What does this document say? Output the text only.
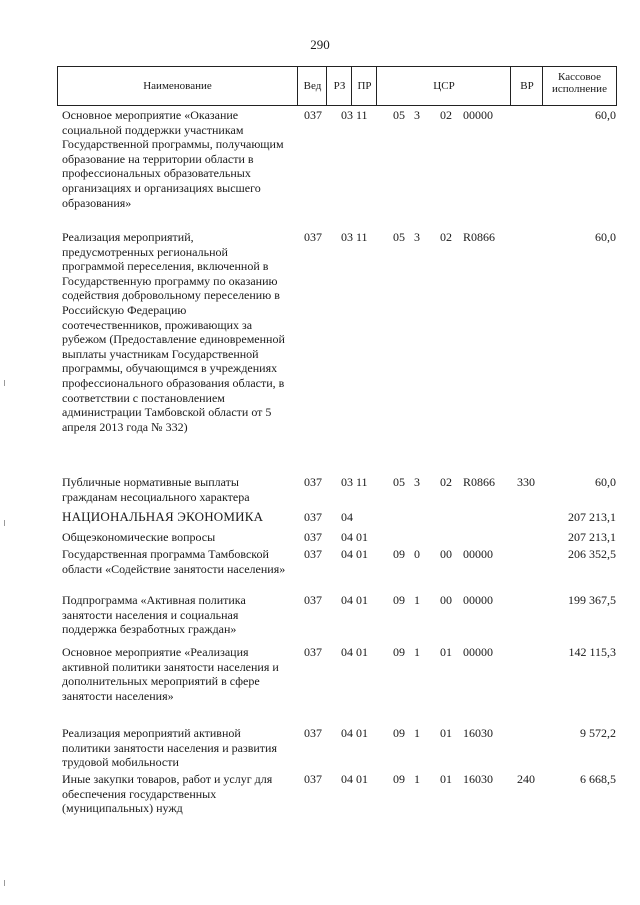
290
Наименование	Вед	РЗ	ПР	ЦСР	ВР
Кассовое исполнение
Основное мероприятие «Оказание социальной поддержки участникам Государственной программы, получающим образование на территории области в профессиональных образовательных организациях и организациях высшего образования»
037 03 11 05 3 02 00000	60,0
Реализация мероприятий, предусмотренных региональной программой переселения, включенной в Государственную программу по оказанию содействия добровольному переселению в Российскую Федерацию соотечественников, проживающих за рубежом (Предоставление единовременной выплаты участникам Государственной программы, обучающимся в учреждениях профессионального образования области, в соответствии с постановлением администрации Тамбовской области от 5 апреля 2013 года № 332)
037 03 11 05 3 02 R0866	60,0
Публичные нормативные выплаты гражданам несоциального характера
037 03 11 05 3 02 R0866 330	60,0
НАЦИОНАЛЬНАЯ ЭКОНОМИКА	037 04	207 213,1
Общеэкономические вопросы	037 04 01	207 213,1
Государственная программа Тамбовской области «Содействие занятости населения»
037 04 01 09 0 00 00000	206 352,5
Подпрограмма «Активная политика занятости населения и социальная поддержка безработных граждан»
037 04 01 09 1 00 00000	199 367,5
Основное мероприятие «Реализация активной политики занятости населения и дополнительных мероприятий в сфере занятости населения»
037 04 01 09 1 01 00000	142 115,3
Реализация мероприятий активной политики занятости населения и развития трудовой мобильности
037 04 01 09 1 01 16030	9 572,2
Иные закупки товаров, работ и услуг для обеспечения государственных (муниципальных) нужд
037 04 01 09 1 01 16030 240	6 668,5
